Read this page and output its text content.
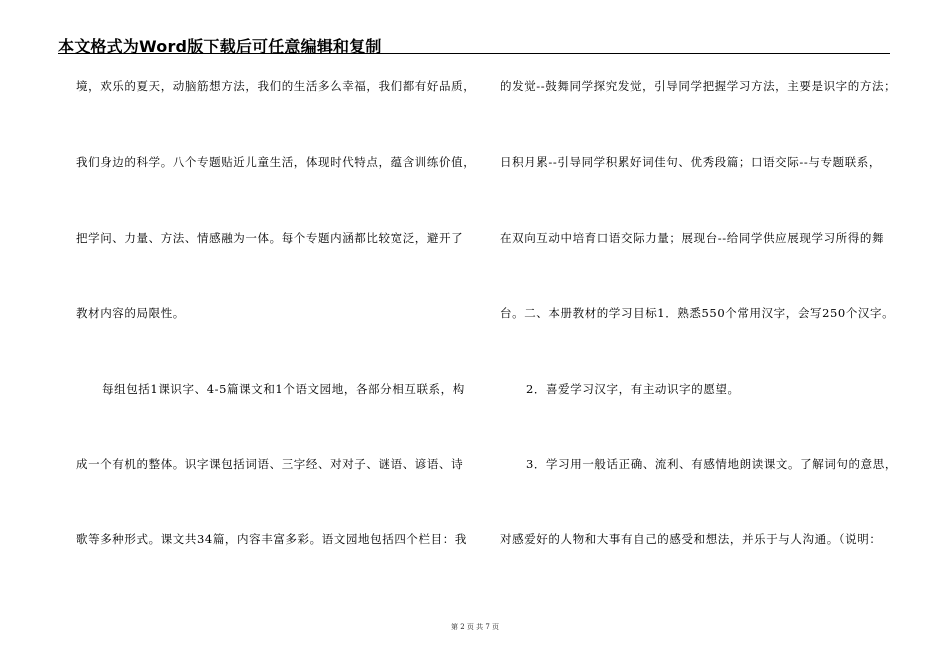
本文格式为Word版下载后可任意编辑和复制
境，欢乐的夏天，动脑筋想方法，我们的生活多么幸福，我们都有好品质，
我们身边的科学。八个专题贴近儿童生活，体现时代特点，蕴含训练价值，
把学问、力量、方法、情感融为一体。每个专题内涵都比较宽泛，避开了
教材内容的局限性。
每组包括1课识字、4-5篇课文和1个语文园地，各部分相互联系，构
成一个有机的整体。识字课包括词语、三字经、对对子、谜语、谚语、诗
歌等多种形式。课文共34篇，内容丰富多彩。语文园地包括四个栏目：我
的发觉--鼓舞同学探究发觉，引导同学把握学习方法，主要是识字的方法；
日积月累--引导同学积累好词佳句、优秀段篇；口语交际--与专题联系，
在双向互动中培育口语交际力量；展现台--给同学供应展现学习所得的舞
台。二、本册教材的学习目标1．熟悉550个常用汉字，会写250个汉字。
2．喜爱学习汉字，有主动识字的愿望。
3．学习用一般话正确、流利、有感情地朗读课文。了解词句的意思，
对感爱好的人物和大事有自己的感受和想法，并乐于与人沟通。（说明：
第 2 页 共 7 页
